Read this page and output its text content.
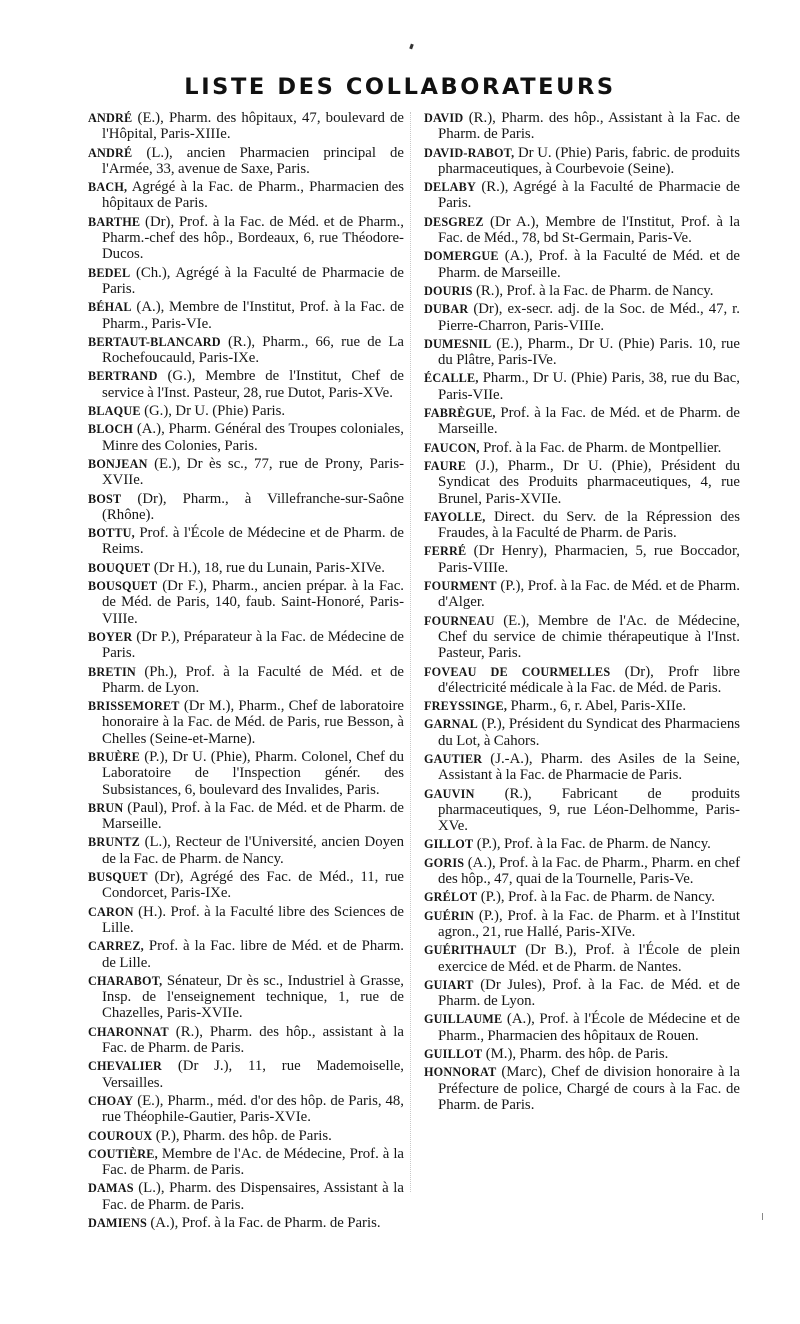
LISTE DES COLLABORATEURS

ANDRÉ (E.), Pharm. des hôpitaux, 47, boulevard de l'Hôpital, Paris-XIIIe.

ANDRÉ (L.), ancien Pharmacien principal de l'Armée, 33, avenue de Saxe, Paris.

BACH, Agrégé à la Fac. de Pharm., Pharmacien des hôpitaux de Paris.

BARTHE (Dr), Prof. à la Fac. de Méd. et de Pharm., Pharm.-chef des hôp., Bordeaux, 6, rue Théodore-Ducos.

BEDEL (Ch.), Agrégé à la Faculté de Pharmacie de Paris.

BÉHAL (A.), Membre de l'Institut, Prof. à la Fac. de Pharm., Paris-VIe.

BERTAUT-BLANCARD (R.), Pharm., 66, rue de La Rochefoucauld, Paris-IXe.

BERTRAND (G.), Membre de l'Institut, Chef de service à l'Inst. Pasteur, 28, rue Dutot, Paris-XVe.

BLAQUE (G.), Dr U. (Phie) Paris.

BLOCH (A.), Pharm. Général des Troupes coloniales, Minre des Colonies, Paris.

BONJEAN (E.), Dr ès sc., 77, rue de Prony, Paris-XVIIe.

BOST (Dr), Pharm., à Villefranche-sur-Saône (Rhône).

BOTTU, Prof. à l'École de Médecine et de Pharm. de Reims.

BOUQUET (Dr H.), 18, rue du Lunain, Paris-XIVe.

BOUSQUET (Dr F.), Pharm., ancien prépar. à la Fac. de Méd. de Paris, 140, faub. Saint-Honoré, Paris-VIIIe.

BOYER (Dr P.), Préparateur à la Fac. de Médecine de Paris.

BRETIN (Ph.), Prof. à la Faculté de Méd. et de Pharm. de Lyon.

BRISSEMORET (Dr M.), Pharm., Chef de laboratoire honoraire à la Fac. de Méd. de Paris, rue Besson, à Chelles (Seine-et-Marne).

BRUÈRE (P.), Dr U. (Phie), Pharm. Colonel, Chef du Laboratoire de l'Inspection génér. des Subsistances, 6, boulevard des Invalides, Paris.

BRUN (Paul), Prof. à la Fac. de Méd. et de Pharm. de Marseille.

BRUNTZ (L.), Recteur de l'Université, ancien Doyen de la Fac. de Pharm. de Nancy.

BUSQUET (Dr), Agrégé des Fac. de Méd., 11, rue Condorcet, Paris-IXe.

CARON (H.). Prof. à la Faculté libre des Sciences de Lille.

CARREZ, Prof. à la Fac. libre de Méd. et de Pharm. de Lille.

CHARABOT, Sénateur, Dr ès sc., Industriel à Grasse, Insp. de l'enseignement technique, 1, rue de Chazelles, Paris-XVIIe.

CHARONNAT (R.), Pharm. des hôp., assistant à la Fac. de Pharm. de Paris.

CHEVALIER (Dr J.), 11, rue Mademoiselle, Versailles.

CHOAY (E.), Pharm., méd. d'or des hôp. de Paris, 48, rue Théophile-Gautier, Paris-XVIe.

COUROUX (P.), Pharm. des hôp. de Paris.

COUTIÈRE, Membre de l'Ac. de Médecine, Prof. à la Fac. de Pharm. de Paris.

DAMAS (L.), Pharm. des Dispensaires, Assistant à la Fac. de Pharm. de Paris.

DAMIENS (A.), Prof. à la Fac. de Pharm. de Paris.

DAVID (R.), Pharm. des hôp., Assistant à la Fac. de Pharm. de Paris.

DAVID-RABOT, Dr U. (Phie) Paris, fabric. de produits pharmaceutiques, à Courbevoie (Seine).

DELABY (R.), Agrégé à la Faculté de Pharmacie de Paris.

DESGREZ (Dr A.), Membre de l'Institut, Prof. à la Fac. de Méd., 78, bd St-Germain, Paris-Ve.

DOMERGUE (A.), Prof. à la Faculté de Méd. et de Pharm. de Marseille.

DOURIS (R.), Prof. à la Fac. de Pharm. de Nancy.

DUBAR (Dr), ex-secr. adj. de la Soc. de Méd., 47, r. Pierre-Charron, Paris-VIIIe.

DUMESNIL (E.), Pharm., Dr U. (Phie) Paris. 10, rue du Plâtre, Paris-IVe.

ÉCALLE, Pharm., Dr U. (Phie) Paris, 38, rue du Bac, Paris-VIIe.

FABRÈGUE, Prof. à la Fac. de Méd. et de Pharm. de Marseille.

FAUCON, Prof. à la Fac. de Pharm. de Montpellier.

FAURE (J.), Pharm., Dr U. (Phie), Président du Syndicat des Produits pharmaceutiques, 4, rue Brunel, Paris-XVIIe.

FAYOLLE, Direct. du Serv. de la Répression des Fraudes, à la Faculté de Pharm. de Paris.

FERRÉ (Dr Henry), Pharmacien, 5, rue Boccador, Paris-VIIIe.

FOURMENT (P.), Prof. à la Fac. de Méd. et de Pharm. d'Alger.

FOURNEAU (E.), Membre de l'Ac. de Médecine, Chef du service de chimie thérapeutique à l'Inst. Pasteur, Paris.

FOVEAU DE COURMELLES (Dr), Profr libre d'électricité médicale à la Fac. de Méd. de Paris.

FREYSSINGE, Pharm., 6, r. Abel, Paris-XIIe.

GARNAL (P.), Président du Syndicat des Pharmaciens du Lot, à Cahors.

GAUTIER (J.-A.), Pharm. des Asiles de la Seine, Assistant à la Fac. de Pharmacie de Paris.

GAUVIN (R.), Fabricant de produits pharmaceutiques, 9, rue Léon-Delhomme, Paris-XVe.

GILLOT (P.), Prof. à la Fac. de Pharm. de Nancy.

GORIS (A.), Prof. à la Fac. de Pharm., Pharm. en chef des hôp., 47, quai de la Tournelle, Paris-Ve.

GRÉLOT (P.), Prof. à la Fac. de Pharm. de Nancy.

GUÉRIN (P.), Prof. à la Fac. de Pharm. et à l'Institut agron., 21, rue Hallé, Paris-XIVe.

GUÉRITHAULT (Dr B.), Prof. à l'École de plein exercice de Méd. et de Pharm. de Nantes.

GUIART (Dr Jules), Prof. à la Fac. de Méd. et de Pharm. de Lyon.

GUILLAUME (A.), Prof. à l'École de Médecine et de Pharm., Pharmacien des hôpitaux de Rouen.

GUILLOT (M.), Pharm. des hôp. de Paris.

HONNORAT (Marc), Chef de division honoraire à la Préfecture de police, Chargé de cours à la Fac. de Pharm. de Paris.
